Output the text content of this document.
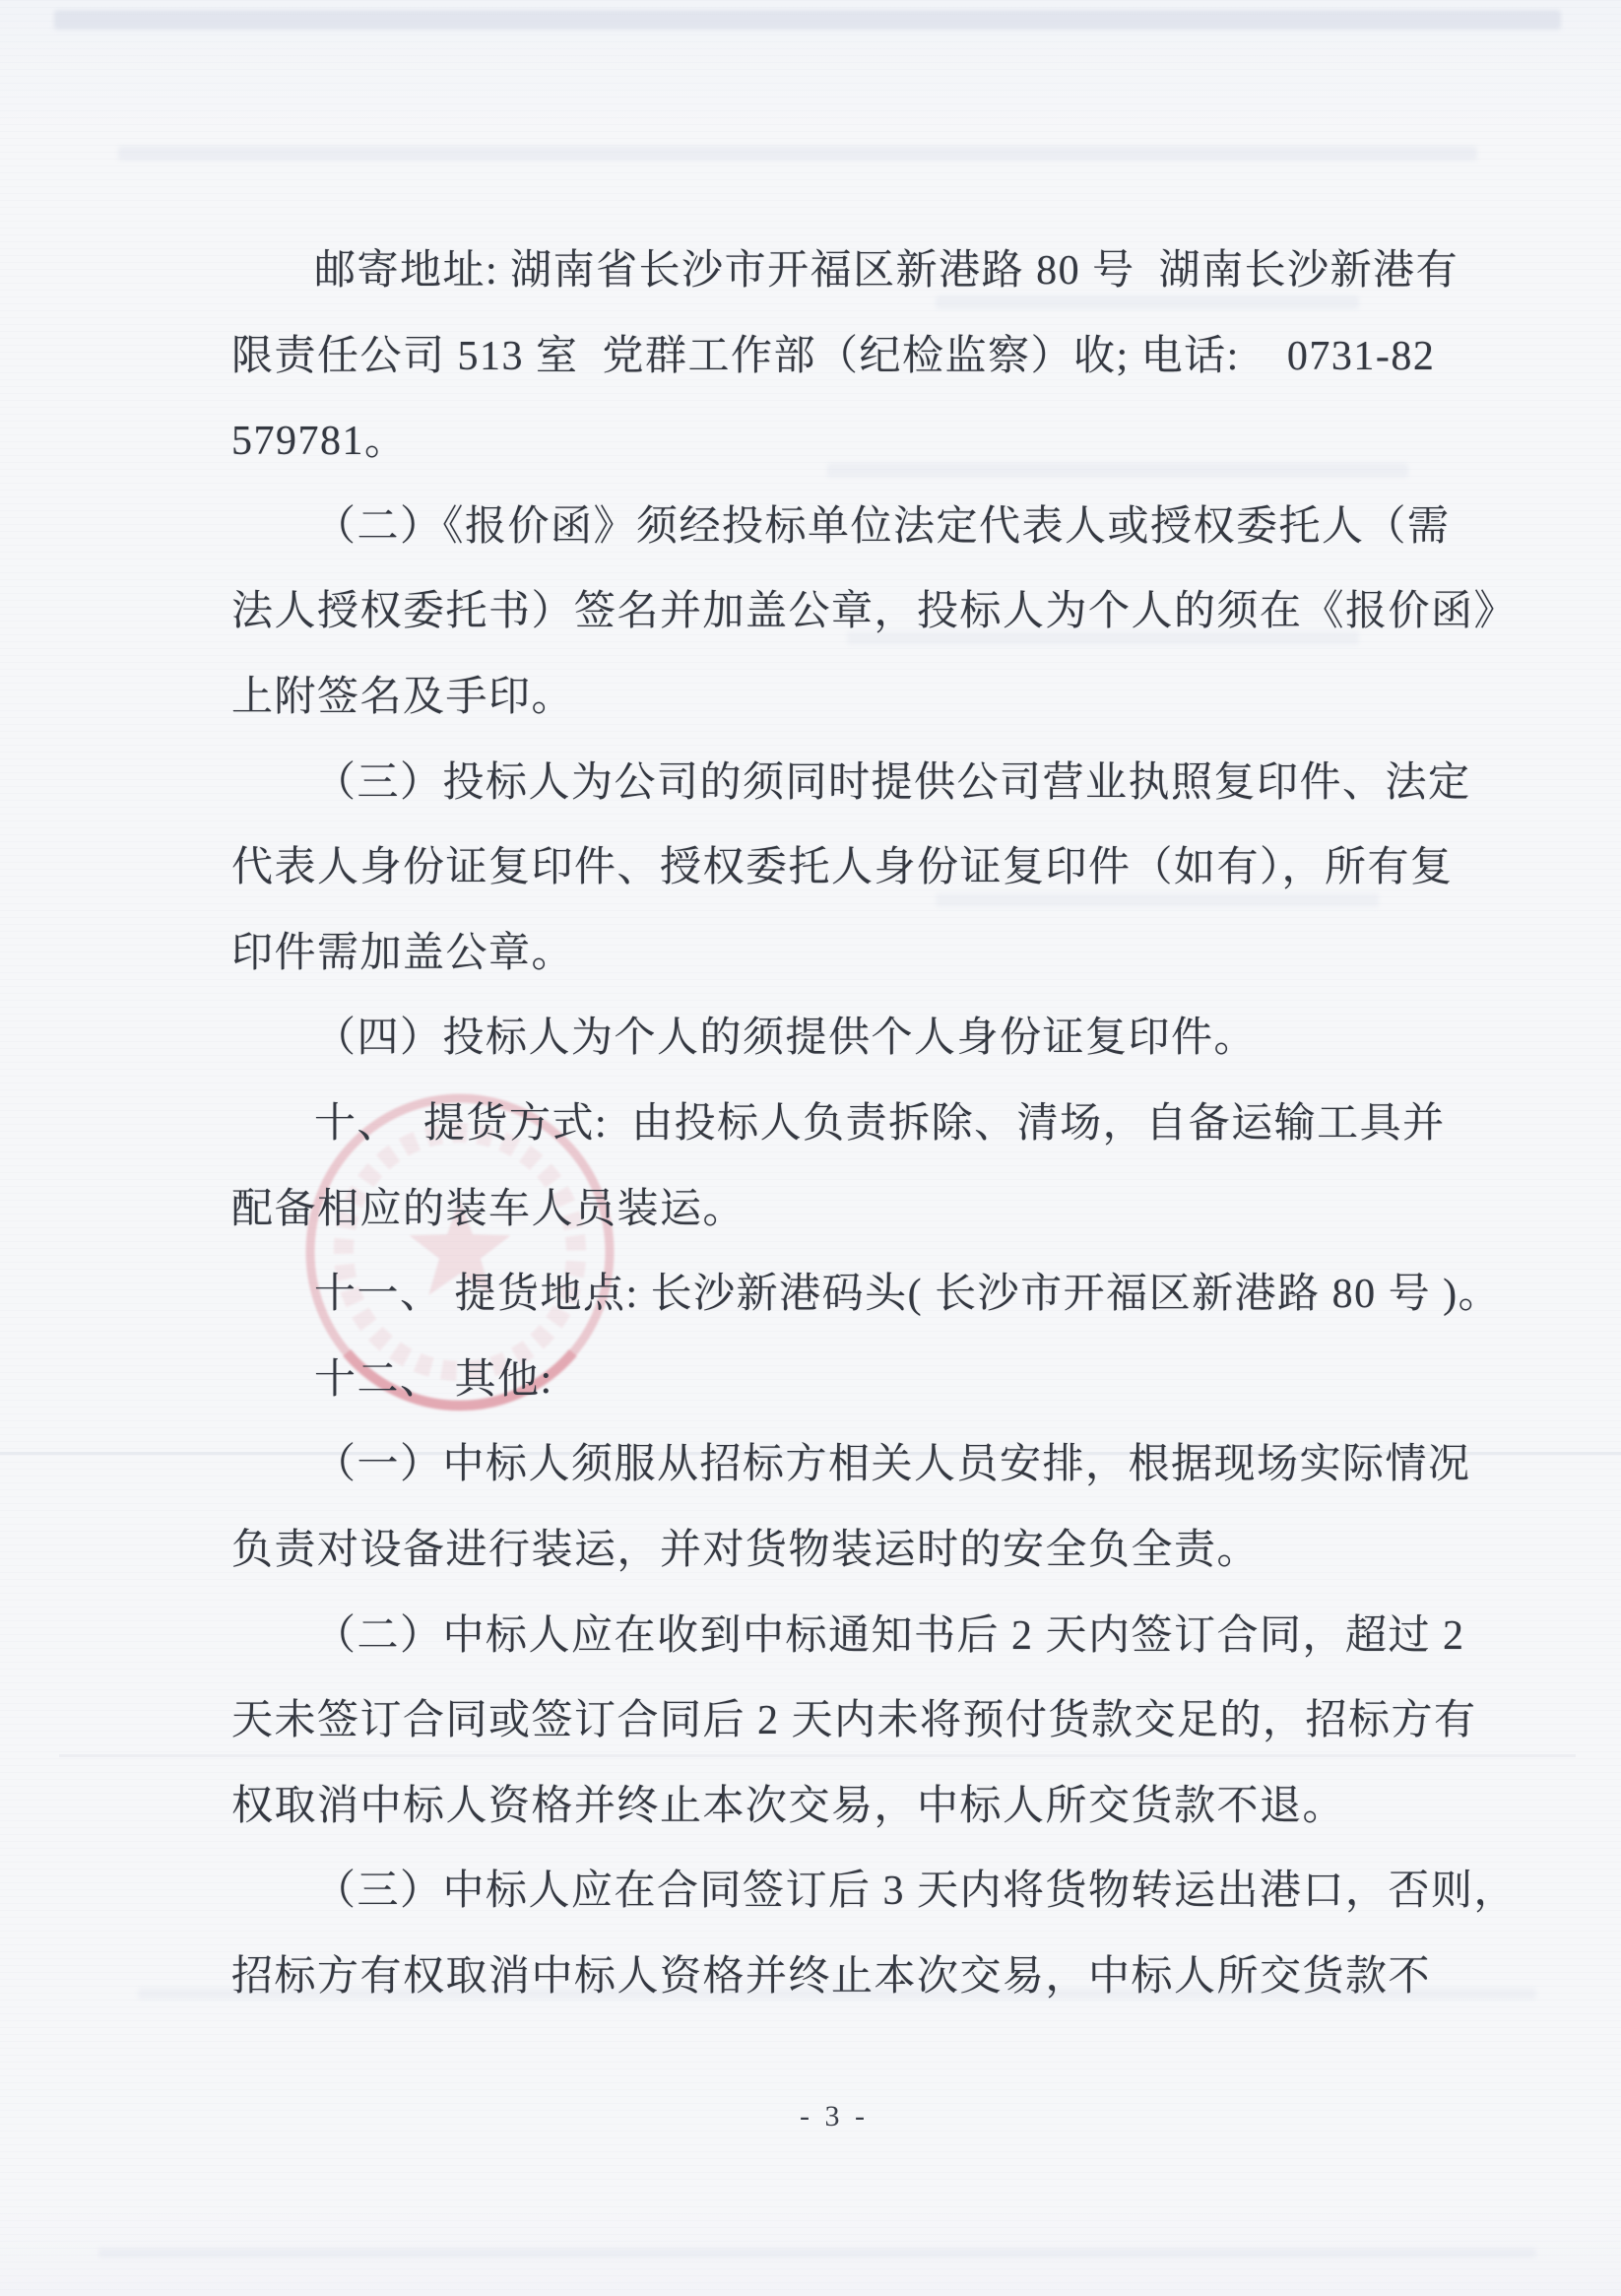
邮寄地址: 湖南省长沙市开福区新港路 80 号  湖南长沙新港有
限责任公司 513 室  党群工作部（纪检监察）收; 电话:    0731-82
579781。
（二）《报价函》须经投标单位法定代表人或授权委托人（需
法人授权委托书）签名并加盖公章，投标人为个人的须在《报价函》
上附签名及手印。
（三）投标人为公司的须同时提供公司营业执照复印件、法定
代表人身份证复印件、授权委托人身份证复印件（如有），所有复
印件需加盖公章。
（四）投标人为个人的须提供个人身份证复印件。
十、  提货方式:  由投标人负责拆除、清场，自备运输工具并
配备相应的装车人员装运。
十一、 提货地点: 长沙新港码头( 长沙市开福区新港路 80 号 )。
十二、 其他:
（一）中标人须服从招标方相关人员安排，根据现场实际情况
负责对设备进行装运，并对货物装运时的安全负全责。
（二）中标人应在收到中标通知书后 2 天内签订合同，超过 2
天未签订合同或签订合同后 2 天内未将预付货款交足的，招标方有
权取消中标人资格并终止本次交易，中标人所交货款不退。
（三）中标人应在合同签订后 3 天内将货物转运出港口，否则，
招标方有权取消中标人资格并终止本次交易，中标人所交货款不
- 3 -
